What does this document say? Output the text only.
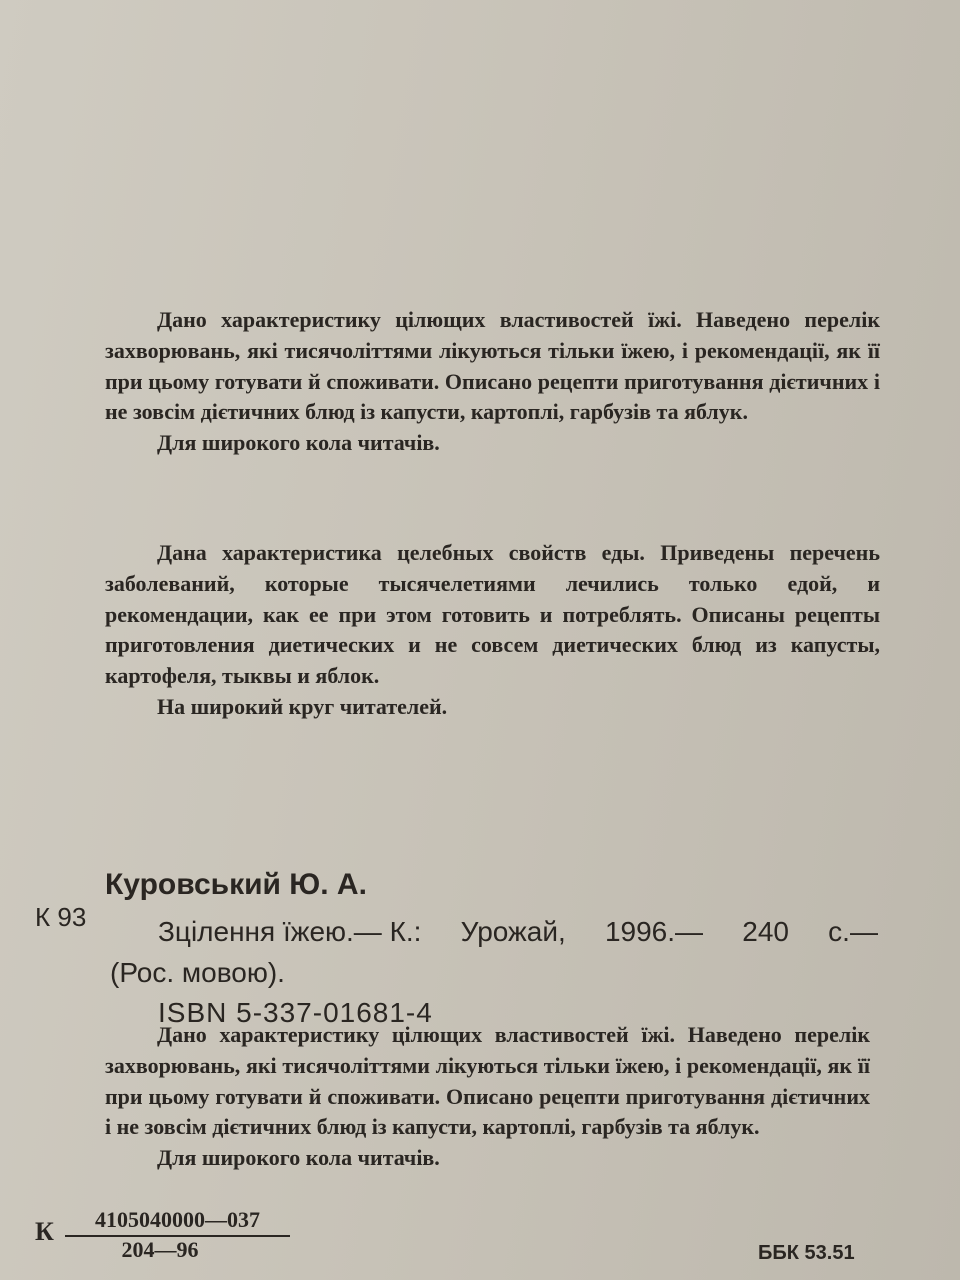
Дано характеристику цілющих властивостей їжі. Наведено перелік захворювань, які тисячоліттями лікуються тільки їжею, і рекомендації, як її при цьому готувати й споживати. Описано рецепти приготування дієтичних і не зовсім дієтичних блюд із капусти, картоплі, гарбузів та яблук.

Для широкого кола читачів.

Дана характеристика целебных свойств еды. Приведены перечень заболеваний, которые тысячелетиями лечились только едой, и рекомендации, как ее при этом готовить и потреблять. Описаны рецепты приготовления диетических и не совсем диетических блюд из капусты, картофеля, тыквы и яблок.

На широкий круг читателей.

Куровський Ю. А.
К 93	Зцілення їжею.— К.: Урожай, 1996.— 240 с.—
(Рос. мовою).
ISBN 5-337-01681-4

Дано характеристику цілющих властивостей їжі. Наведено перелік захворювань, які тисячоліттями лікуються тільки їжею, і рекомендації, як її при цьому готувати й споживати. Описано рецепти приготування дієтичних і не зовсім дієтичних блюд із капусти, картоплі, гарбузів та яблук.

Для широкого кола читачів.

К	4105040000—037
204—96	ББК 53.51
